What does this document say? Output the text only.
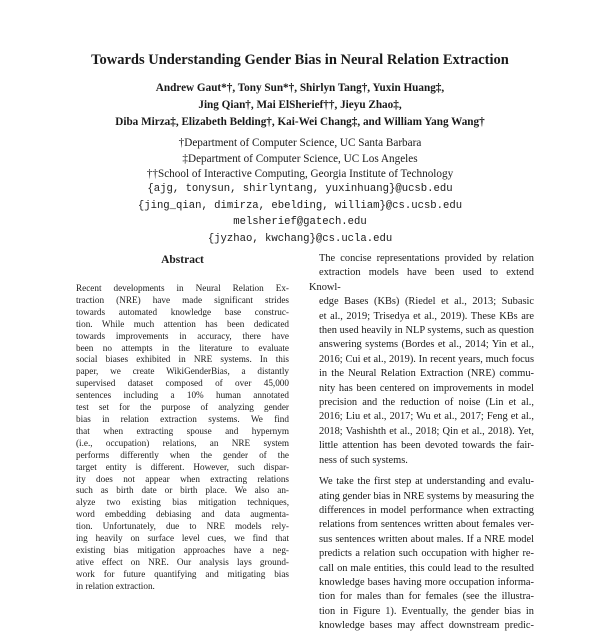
Towards Understanding Gender Bias in Neural Relation Extraction
Andrew Gaut*†, Tony Sun*†, Shirlyn Tang†, Yuxin Huang‡,
Jing Qian†, Mai ElSherief††, Jieyu Zhao‡,
Diba Mirza‡, Elizabeth Belding†, Kai-Wei Chang‡, and William Yang Wang†
†Department of Computer Science, UC Santa Barbara
‡Department of Computer Science, UC Los Angeles
††School of Interactive Computing, Georgia Institute of Technology
{ajg, tonysun, shirlyntang, yuxinhuang}@ucsb.edu
{jing_qian, dimirza, ebelding, william}@cs.ucsb.edu
melsherief@gatech.edu
{jyzhao, kwchang}@cs.ucla.edu
Abstract

Recent developments in Neural Relation Ex-
traction (NRE) have made significant strides
towards automated knowledge base construc-
tion. While much attention has been dedicated
towards improvements in accuracy, there have
been no attempts in the literature to evaluate
social biases exhibited in NRE systems. In this
paper, we create WikiGenderBias, a distantly
supervised dataset composed of over 45,000
sentences including a 10% human annotated
test set for the purpose of analyzing gender
bias in relation extraction systems. We find
that when extracting spouse and hypernym
(i.e., occupation) relations, an NRE system
performs differently when the gender of the
target entity is different. However, such dispar-
ity does not appear when extracting relations
such as birth date or birth place. We also an-
alyze two existing bias mitigation techniques,
word embedding debiasing and data augmenta-
tion. Unfortunately, due to NRE models rely-
ing heavily on surface level cues, we find that
existing bias mitigation approaches have a neg-
ative effect on NRE. Our analysis lays ground-
work for future quantifying and mitigating bias
in relation extraction.

The concise representations provided by relation
extraction models have been used to extend Knowl-
edge Bases (KBs) (Riedel et al., 2013; Subasic
et al., 2019; Trisedya et al., 2019). These KBs are
then used heavily in NLP systems, such as question
answering systems (Bordes et al., 2014; Yin et al.,
2016; Cui et al., 2019). In recent years, much focus
in the Neural Relation Extraction (NRE) commu-
nity has been centered on improvements in model
precision and the reduction of noise (Lin et al.,
2016; Liu et al., 2017; Wu et al., 2017; Feng et al.,
2018; Vashishth et al., 2018; Qin et al., 2018). Yet,
little attention has been devoted towards the fair-
ness of such systems.

We take the first step at understanding and evalu-
ating gender bias in NRE systems by measuring the
differences in model performance when extracting
relations from sentences written about females ver-
sus sentences written about males. If a NRE model
predicts a relation such occupation with higher re-
call on male entities, this could lead to the resulted
knowledge bases having more occupation informa-
tion for males than for females (see the illustra-
tion in Figure 1). Eventually, the gender bias in
knowledge bases may affect downstream predic-
